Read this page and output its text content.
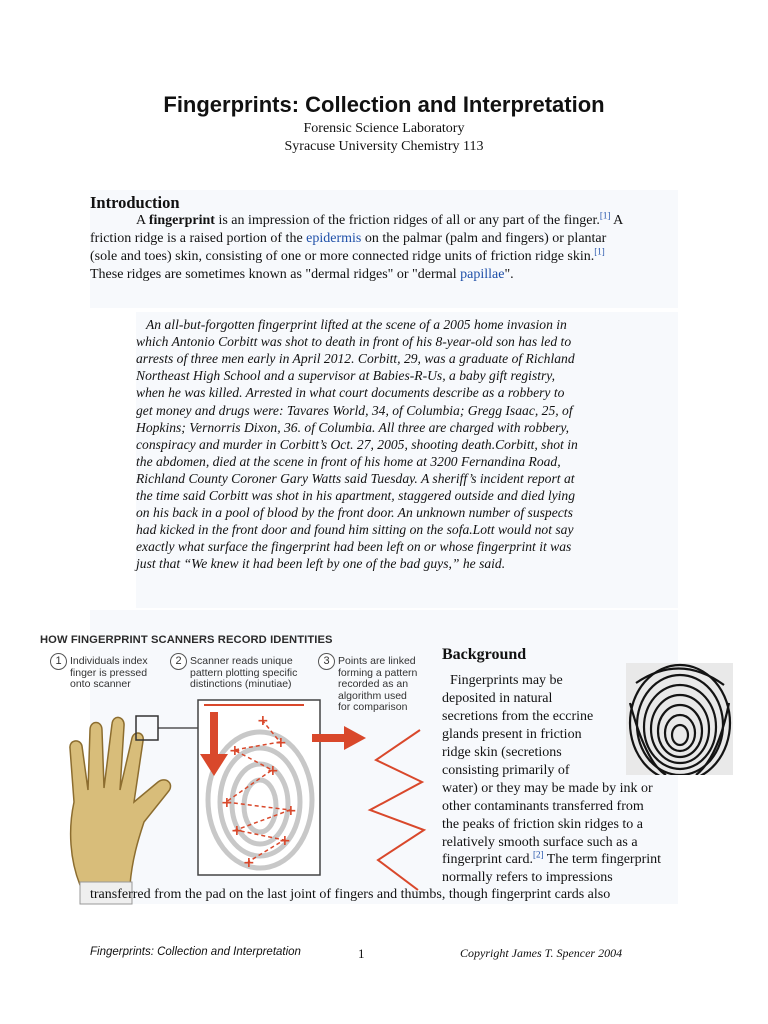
Fingerprints: Collection and Interpretation
Forensic Science Laboratory
Syracuse University Chemistry 113
Introduction
A fingerprint is an impression of the friction ridges of all or any part of the finger.[1] A
friction ridge is a raised portion of the epidermis on the palmar (palm and fingers) or plantar
(sole and toes) skin, consisting of one or more connected ridge units of friction ridge skin.[1]
These ridges are sometimes known as "dermal ridges" or "dermal papillae".
An all-but-forgotten fingerprint lifted at the scene of a 2005 home invasion in
which Antonio Corbitt was shot to death in front of his 8-year-old son has led to
arrests of three men early in April 2012. Corbitt, 29, was a graduate of Richland
Northeast High School and a supervisor at Babies-R-Us, a baby gift registry,
when he was killed. Arrested in what court documents describe as a robbery to
get money and drugs were: Tavares World, 34, of Columbia; Gregg Isaac, 25, of
Hopkins; Vernorris Dixon, 36. of Columbia. All three are charged with robbery,
conspiracy and murder in Corbitt’s Oct. 27, 2005, shooting death.Corbitt, shot in
the abdomen, died at the scene in front of his home at 3200 Fernandina Road,
Richland County Coroner Gary Watts said Tuesday. A sheriff’s incident report at
the time said Corbitt was shot in his apartment, staggered outside and died lying
on his back in a pool of blood by the front door. An unknown number of suspects
had kicked in the front door and found him sitting on the sofa.Lott would not say
exactly what surface the fingerprint had been left on or whose fingerprint it was
just that “We knew it had been left by one of the bad guys,” he said.
HOW FINGERPRINT SCANNERS RECORD IDENTITIES
1 Individuals index
finger is pressed
onto scanner
2 Scanner reads unique
pattern plotting specific
distinctions (minutiae)
3 Points are linked
forming a pattern
recorded as an
algorithm used
for comparison
+
+
+
+
+	+
+
+
+
Background
Fingerprints may be
deposited in natural
secretions from the eccrine
glands present in friction
ridge skin (secretions
consisting primarily of
water) or they may be made by ink or
other contaminants transferred from
the peaks of friction skin ridges to a
relatively smooth surface such as a
fingerprint card.[2] The term fingerprint
normally refers to impressions
transferred from the pad on the last joint of fingers and thumbs, though fingerprint cards also
Fingerprints: Collection and Interpretation	1	Copyright James T. Spencer 2004
